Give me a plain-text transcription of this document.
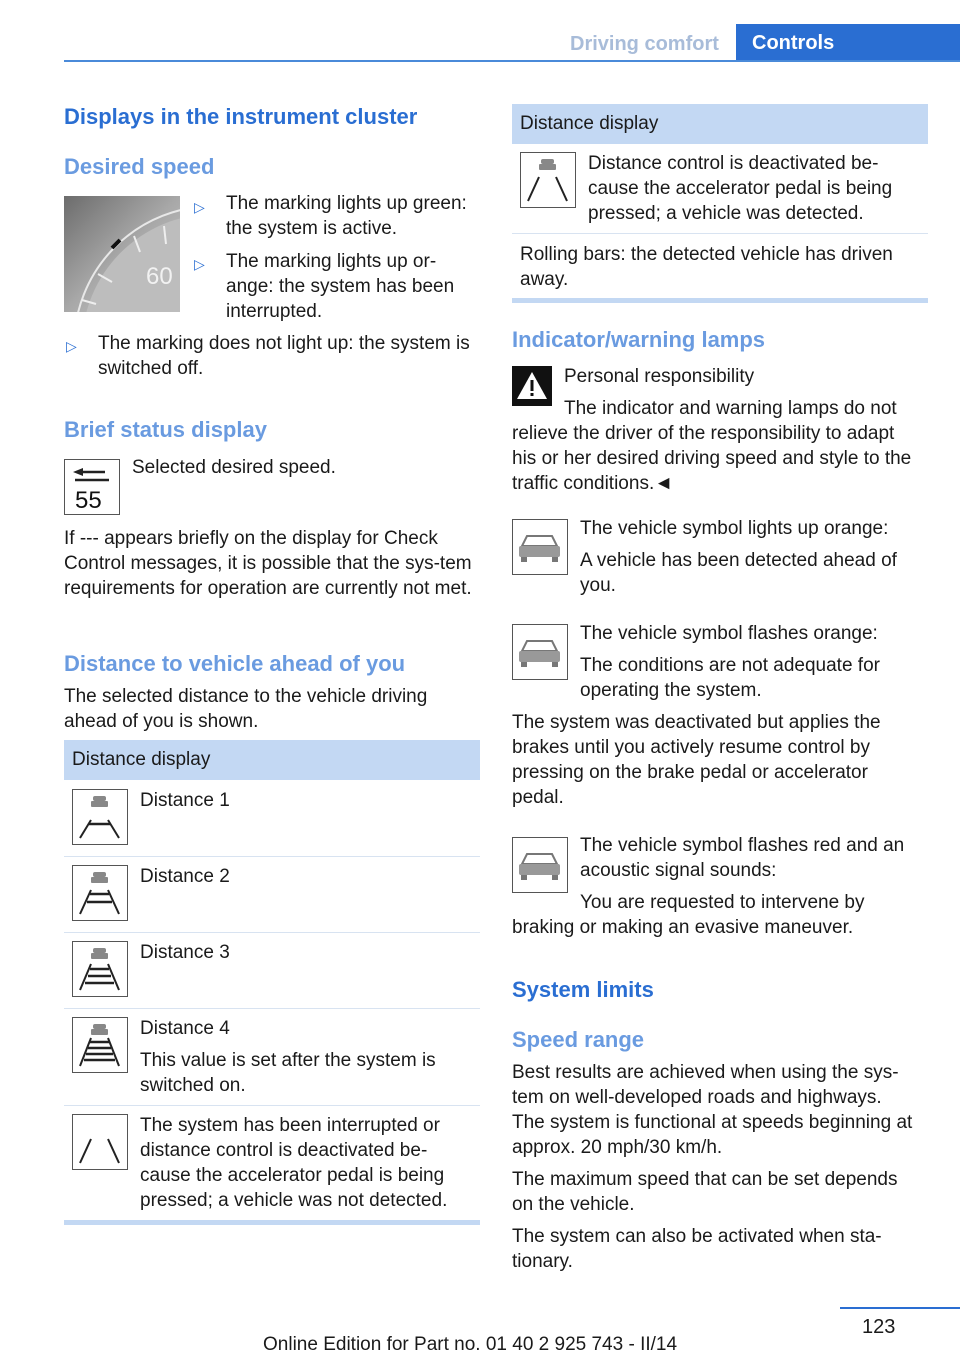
Driving comfort	Controls
Displays in the instrument cluster
Desired speed
60
▷ The marking lights up green: the system is active.
▷ The marking lights up or-ange: the system has been interrupted.
▷ The marking does not light up: the system is switched off.
Brief status display
55
Selected desired speed.
If --- appears briefly on the display for Check Control messages, it is possible that the sys-tem requirements for operation are currently not met.
Distance to vehicle ahead of you
The selected distance to the vehicle driving ahead of you is shown.
Distance display
Distance 1
Distance 2
Distance 3
Distance 4
This value is set after the system is switched on.
The system has been interrupted or distance control is deactivated be-cause the accelerator pedal is being pressed; a vehicle was not detected.
Distance display
Distance control is deactivated be-cause the accelerator pedal is being pressed; a vehicle was detected.
Rolling bars: the detected vehicle has driven away.
Indicator/warning lamps
Personal responsibility
The indicator and warning lamps do not relieve the driver of the responsibility to adapt his or her desired driving speed and style to the traffic conditions.◄
The vehicle symbol lights up orange:
A vehicle has been detected ahead of you.
The vehicle symbol flashes orange:
The conditions are not adequate for operating the system.
The system was deactivated but applies the brakes until you actively resume control by pressing on the brake pedal or accelerator pedal.
The vehicle symbol flashes red and an acoustic signal sounds:
You are requested to intervene by braking or making an evasive maneuver.
System limits
Speed range
Best results are achieved when using the sys-tem on well-developed roads and highways.
The system is functional at speeds beginning at approx. 20 mph/30 km/h.
The maximum speed that can be set depends on the vehicle.
The system can also be activated when sta-tionary.
123
Online Edition for Part no. 01 40 2 925 743 - II/14
